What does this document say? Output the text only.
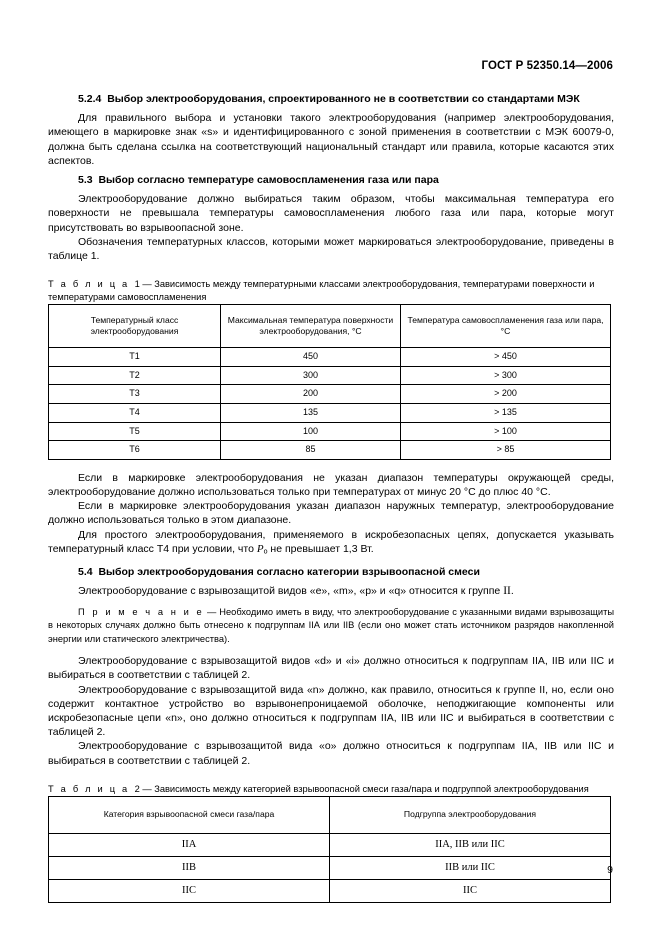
ГОСТ Р 52350.14—2006
5.2.4 Выбор электрооборудования, спроектированного не в соответствии со стандартами МЭК

Для правильного выбора и установки такого электрооборудования (например электрооборудования, имеющего в маркировке знак «s» и идентифицированного с зоной применения в соответствии с МЭК 60079-0, должна быть сделана ссылка на соответствующий национальный стандарт или правила, которые касаются этих аспектов.

5.3 Выбор согласно температуре самовоспламенения газа или пара

Электрооборудование должно выбираться таким образом, чтобы максимальная температура его поверхности не превышала температуры самовоспламенения любого газа или пара, которые могут присутствовать во взрывоопасной зоне.

Обозначения температурных классов, которыми может маркироваться электрооборудование, приведены в таблице 1.

Т а б л и ц а 1 — Зависимость между температурными классами электрооборудования, температурами поверхности и температурами самовоспламенения

Температурный класс электрооборудования	Максимальная температура поверхности электрооборудования, °С	Температура самовоспламенения газа или пара, °С
Т1	450	> 450
Т2	300	> 300
Т3	200	> 200
Т4	135	> 135
Т5	100	> 100
Т6	85	> 85

Если в маркировке электрооборудования не указан диапазон температуры окружающей среды, электрооборудование должно использоваться только при температурах от минус 20 °С до плюс 40 °С.

Если в маркировке электрооборудования указан диапазон наружных температур, электрооборудование должно использоваться только в этом диапазоне.

Для простого электрооборудования, применяемого в искробезопасных цепях, допускается указывать температурный класс Т4 при условии, что $P_о$ не превышает 1,3 Вт.

5.4 Выбор электрооборудования согласно категории взрывоопасной смеси

Электрооборудование с взрывозащитой видов «e», «m», «p» и «q» относится к группе II.

П р и м е ч а н и е — Необходимо иметь в виду, что электрооборудование с указанными видами взрывозащиты в некоторых случаях должно быть отнесено к подгруппам IIА или IIВ (если оно может стать источником разрядов накопленной энергии или статического электричества).

Электрооборудование с взрывозащитой видов «d» и «i» должно относиться к подгруппам IIА, IIВ или IIС и выбираться в соответствии с таблицей 2.

Электрооборудование с взрывозащитой вида «n» должно, как правило, относиться к группе II, но, если оно содержит контактное устройство во взрывонепроницаемой оболочке, неподжигающие компоненты или искробезопасные цепи «n», оно должно относиться к подгруппам IIА, IIВ или IIС и выбираться в соответствии с таблицей 2.

Электрооборудование с взрывозащитой вида «о» должно относиться к подгруппам IIА, IIВ или IIС и выбираться в соответствии с таблицей 2.

Т а б л и ц а 2 — Зависимость между категорией взрывоопасной смеси газа/пара и подгруппой электрооборудования

Категория взрывоопасной смеси газа/пара	Подгруппа электрооборудования
IIА	IIА, IIВ или IIС
IIВ	IIВ или IIС
IIС	IIС
9
